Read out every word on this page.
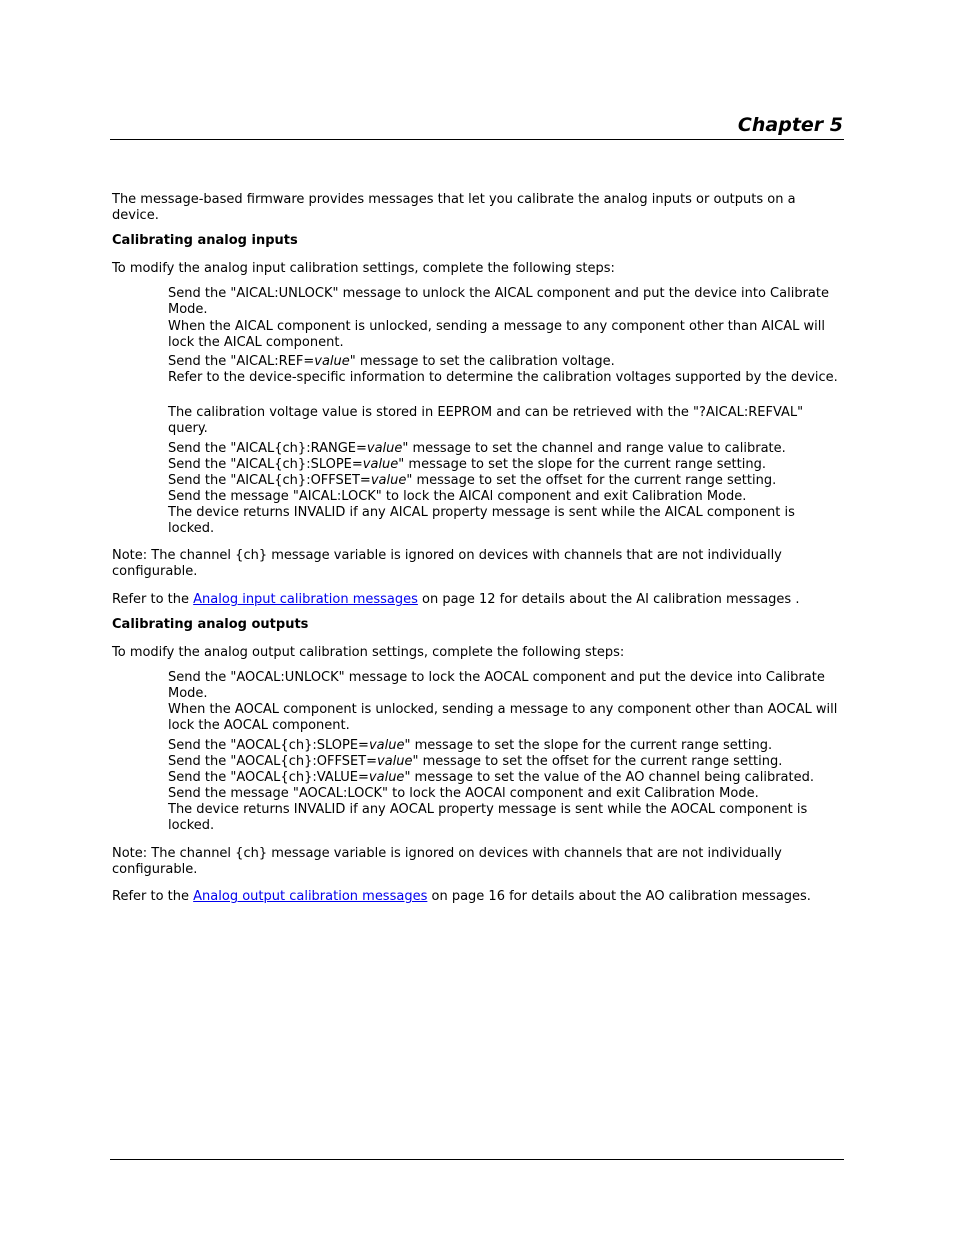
Chapter 5

The message-based firmware provides messages that let you calibrate the analog inputs or outputs on a device.

Calibrating analog inputs

To modify the analog input calibration settings, complete the following steps:

Send the "AICAL:UNLOCK" message to unlock the AICAL component and put the device into Calibrate Mode.

When the AICAL component is unlocked, sending a message to any component other than AICAL will lock the AICAL component.

Send the "AICAL:REF=value" message to set the calibration voltage.

Refer to the device-specific information to determine the calibration voltages supported by the device.

The calibration voltage value is stored in EEPROM and can be retrieved with the "?AICAL:REFVAL" query.

Send the "AICAL{ch}:RANGE=value" message to set the channel and range value to calibrate.

Send the "AICAL{ch}:SLOPE=value" message to set the slope for the current range setting.

Send the "AICAL{ch}:OFFSET=value" message to set the offset for the current range setting.

Send the message "AICAL:LOCK" to lock the AICAl component and exit Calibration Mode.

The device returns INVALID if any AICAL property message is sent while the AICAL component is locked.

Note: The channel {ch} message variable is ignored on devices with channels that are not individually configurable.

Refer to the Analog input calibration messages on page 12 for details about the AI calibration messages .

Calibrating analog outputs

To modify the analog output calibration settings, complete the following steps:

Send the "AOCAL:UNLOCK" message to lock the AOCAL component and put the device into Calibrate Mode.

When the AOCAL component is unlocked, sending a message to any component other than AOCAL will lock the AOCAL component.

Send the "AOCAL{ch}:SLOPE=value" message to set the slope for the current range setting.

Send the "AOCAL{ch}:OFFSET=value" message to set the offset for the current range setting.

Send the "AOCAL{ch}:VALUE=value" message to set the value of the AO channel being calibrated.

Send the message "AOCAL:LOCK" to lock the AOCAl component and exit Calibration Mode.

The device returns INVALID if any AOCAL property message is sent while the AOCAL component is locked.

Note: The channel {ch} message variable is ignored on devices with channels that are not individually configurable.

Refer to the Analog output calibration messages on page 16 for details about the AO calibration messages.
